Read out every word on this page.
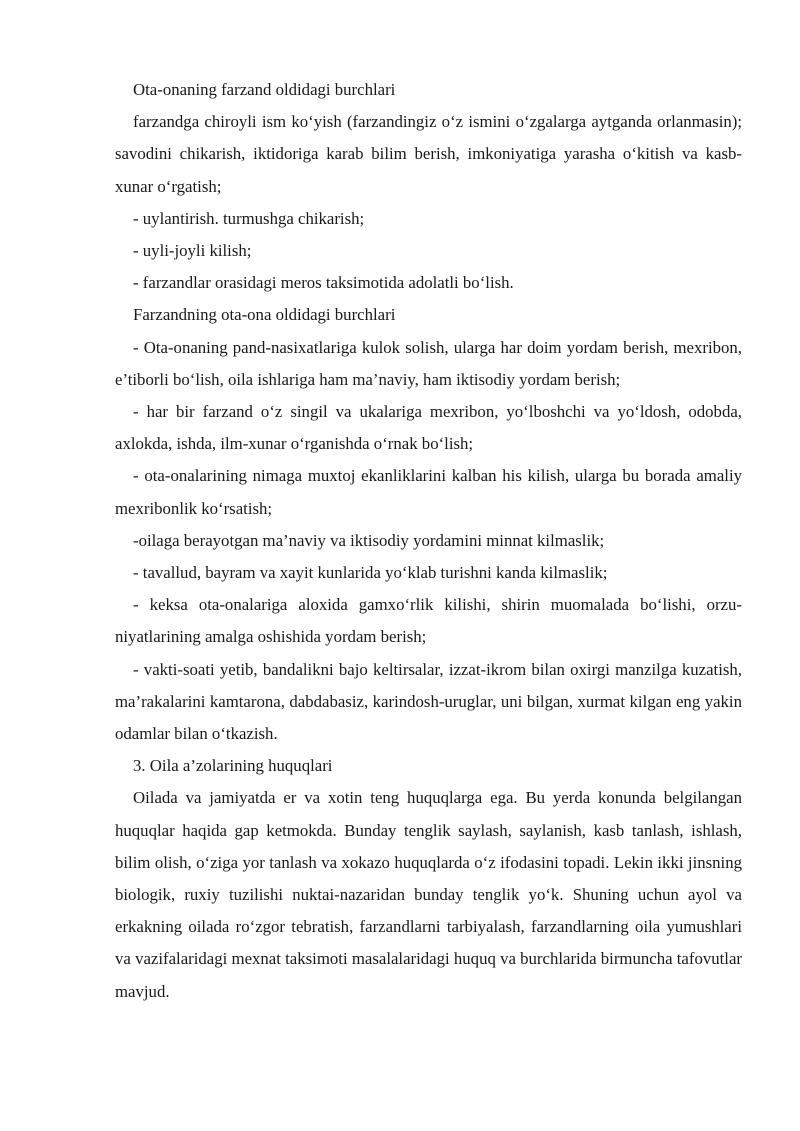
Ota-onaning farzand oldidagi burchlari

farzandga chiroyli ism ko‘yish (farzandingiz o‘z ismini o‘zgalarga aytganda orlanmasin); savodini chikarish, iktidoriga karab bilim berish, imkoniyatiga yarasha o‘kitish va kasb-xunar o‘rgatish;

- uylantirish. turmushga chikarish;

- uyli-joyli kilish;

- farzandlar orasidagi meros taksimotida adolatli bo‘lish.

Farzandning ota-ona oldidagi burchlari

- Ota-onaning pand-nasixatlariga kulok solish, ularga har doim yordam berish, mexribon, e’tiborli bo‘lish, oila ishlariga ham ma’naviy, ham iktisodiy yordam berish;

- har bir farzand o‘z singil va ukalariga mexribon, yo‘lboshchi va yo‘ldosh, odobda, axlokda, ishda, ilm-xunar o‘rganishda o‘rnak bo‘lish;

- ota-onalarining nimaga muxtoj ekanliklarini kalban his kilish, ularga bu borada amaliy mexribonlik ko‘rsatish;

-oilaga berayotgan ma’naviy va iktisodiy yordamini minnat kilmaslik;

- tavallud, bayram va xayit kunlarida yo‘klab turishni kanda kilmaslik;

- keksa ota-onalariga aloxida gamxo‘rlik kilishi, shirin muomalada bo‘lishi, orzu-niyatlarining amalga oshishida yordam berish;

- vakti-soati yetib, bandalikni bajo keltirsalar, izzat-ikrom bilan oxirgi manzilga kuzatish, ma’rakalarini kamtarona, dabdabasiz, karindosh-uruglar, uni bilgan, xurmat kilgan eng yakin odamlar bilan o‘tkazish.

3. Oila a’zolarining huquqlari

Oilada va jamiyatda er va xotin teng huquqlarga ega. Bu yerda konunda belgilangan huquqlar haqida gap ketmokda. Bunday tenglik saylash, saylanish, kasb tanlash, ishlash, bilim olish, o‘ziga yor tanlash va xokazo huquqlarda o‘z ifodasini topadi. Lekin ikki jinsning biologik, ruxiy tuzilishi nuktai-nazaridan bunday tenglik yo‘k. Shuning uchun ayol va erkakning oilada ro‘zgor tebratish, farzandlarni tarbiyalash, farzandlarning oila yumushlari va vazifalaridagi mexnat taksimoti masalalaridagi huquq va burchlarida birmuncha tafovutlar mavjud.
